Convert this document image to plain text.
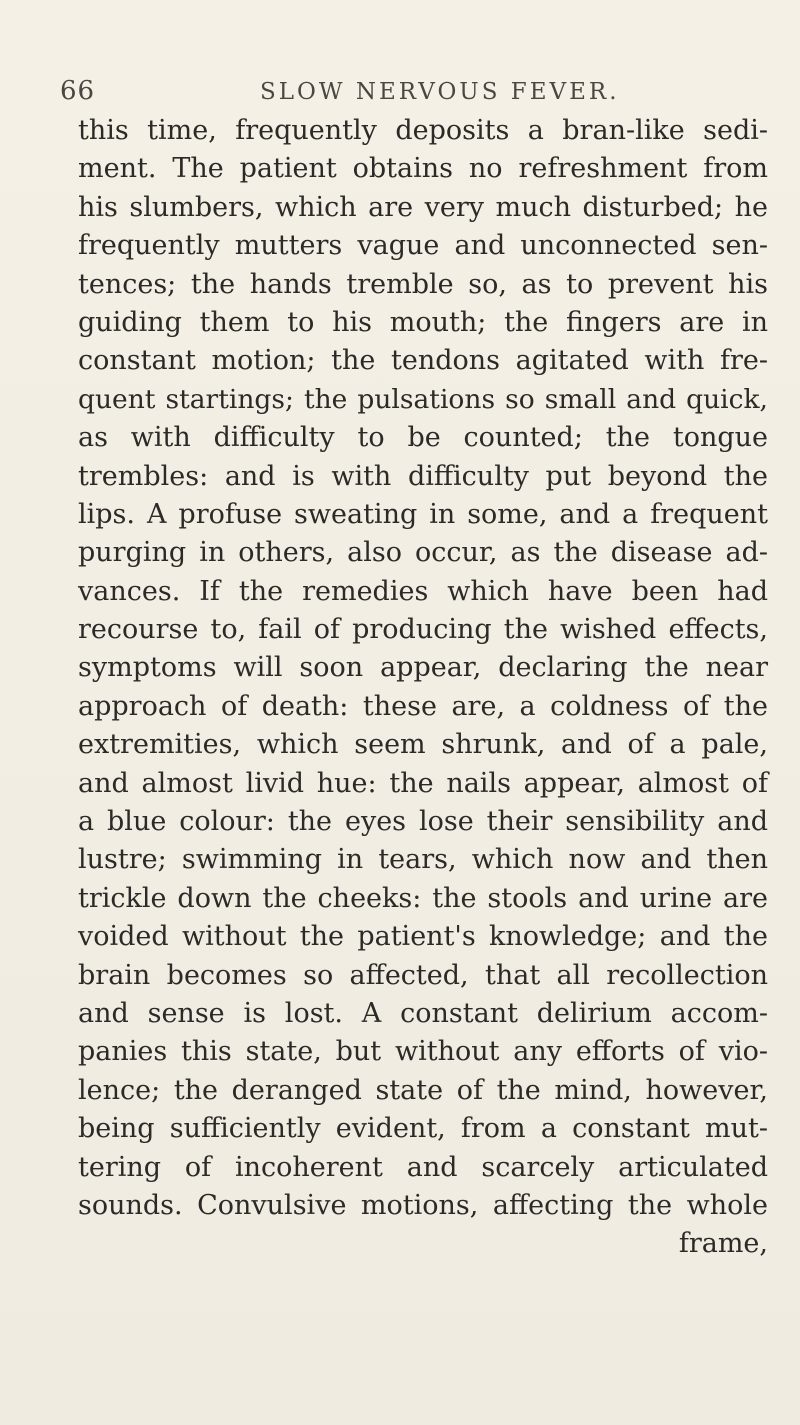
66	SLOW NERVOUS FEVER.
this time, frequently deposits a bran-like sedi-
ment. The patient obtains no refreshment from
his slumbers, which are very much disturbed; he
frequently mutters vague and unconnected sen-
tences; the hands tremble so, as to prevent his
guiding them to his mouth; the fingers are in
constant motion; the tendons agitated with fre-
quent startings; the pulsations so small and quick,
as with difficulty to be counted; the tongue
trembles: and is with difficulty put beyond the
lips. A profuse sweating in some, and a frequent
purging in others, also occur, as the disease ad-
vances. If the remedies which have been had
recourse to, fail of producing the wished effects,
symptoms will soon appear, declaring the near
approach of death: these are, a coldness of the
extremities, which seem shrunk, and of a pale,
and almost livid hue: the nails appear, almost of
a blue colour: the eyes lose their sensibility and
lustre; swimming in tears, which now and then
trickle down the cheeks: the stools and urine are
voided without the patient's knowledge; and the
brain becomes so affected, that all recollection
and sense is lost. A constant delirium accom-
panies this state, but without any efforts of vio-
lence; the deranged state of the mind, however,
being sufficiently evident, from a constant mut-
tering of incoherent and scarcely articulated
sounds. Convulsive motions, affecting the whole
frame,
